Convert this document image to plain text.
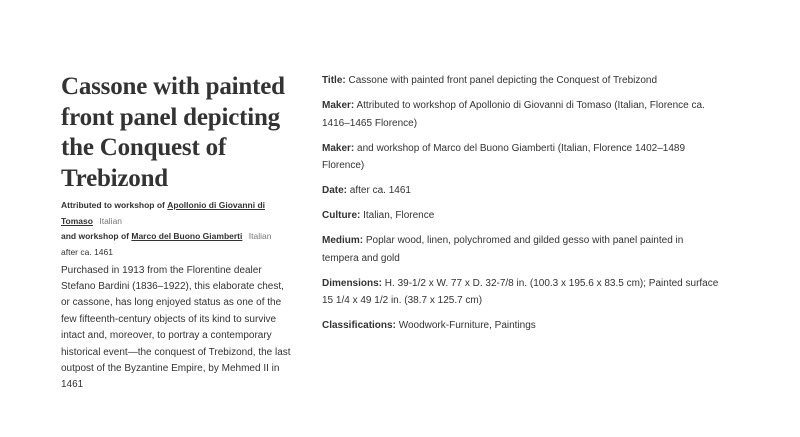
Cassone with painted front panel depicting the Conquest of Trebizond
Attributed to workshop of Apollonio di Giovanni di Tomaso Italian
and workshop of Marco del Buono Giamberti Italian
after ca. 1461

Purchased in 1913 from the Florentine dealer Stefano Bardini (1836–1922), this elaborate chest, or cassone, has long enjoyed status as one of the few fifteenth-century objects of its kind to survive intact and, moreover, to portray a contemporary historical event—the conquest of Trebizond, the last outpost of the Byzantine Empire, by Mehmed II in 1461

Title: Cassone with painted front panel depicting the Conquest of Trebizond
Maker: Attributed to workshop of Apollonio di Giovanni di Tomaso (Italian, Florence ca. 1416–1465 Florence)
Maker: and workshop of Marco del Buono Giamberti (Italian, Florence 1402–1489 Florence)
Date: after ca. 1461
Culture: Italian, Florence
Medium: Poplar wood, linen, polychromed and gilded gesso with panel painted in tempera and gold
Dimensions: H. 39-1/2 x W. 77 x D. 32-7/8 in. (100.3 x 195.6 x 83.5 cm); Painted surface 15 1/4 x 49 1/2 in. (38.7 x 125.7 cm)
Classifications: Woodwork-Furniture, Paintings
